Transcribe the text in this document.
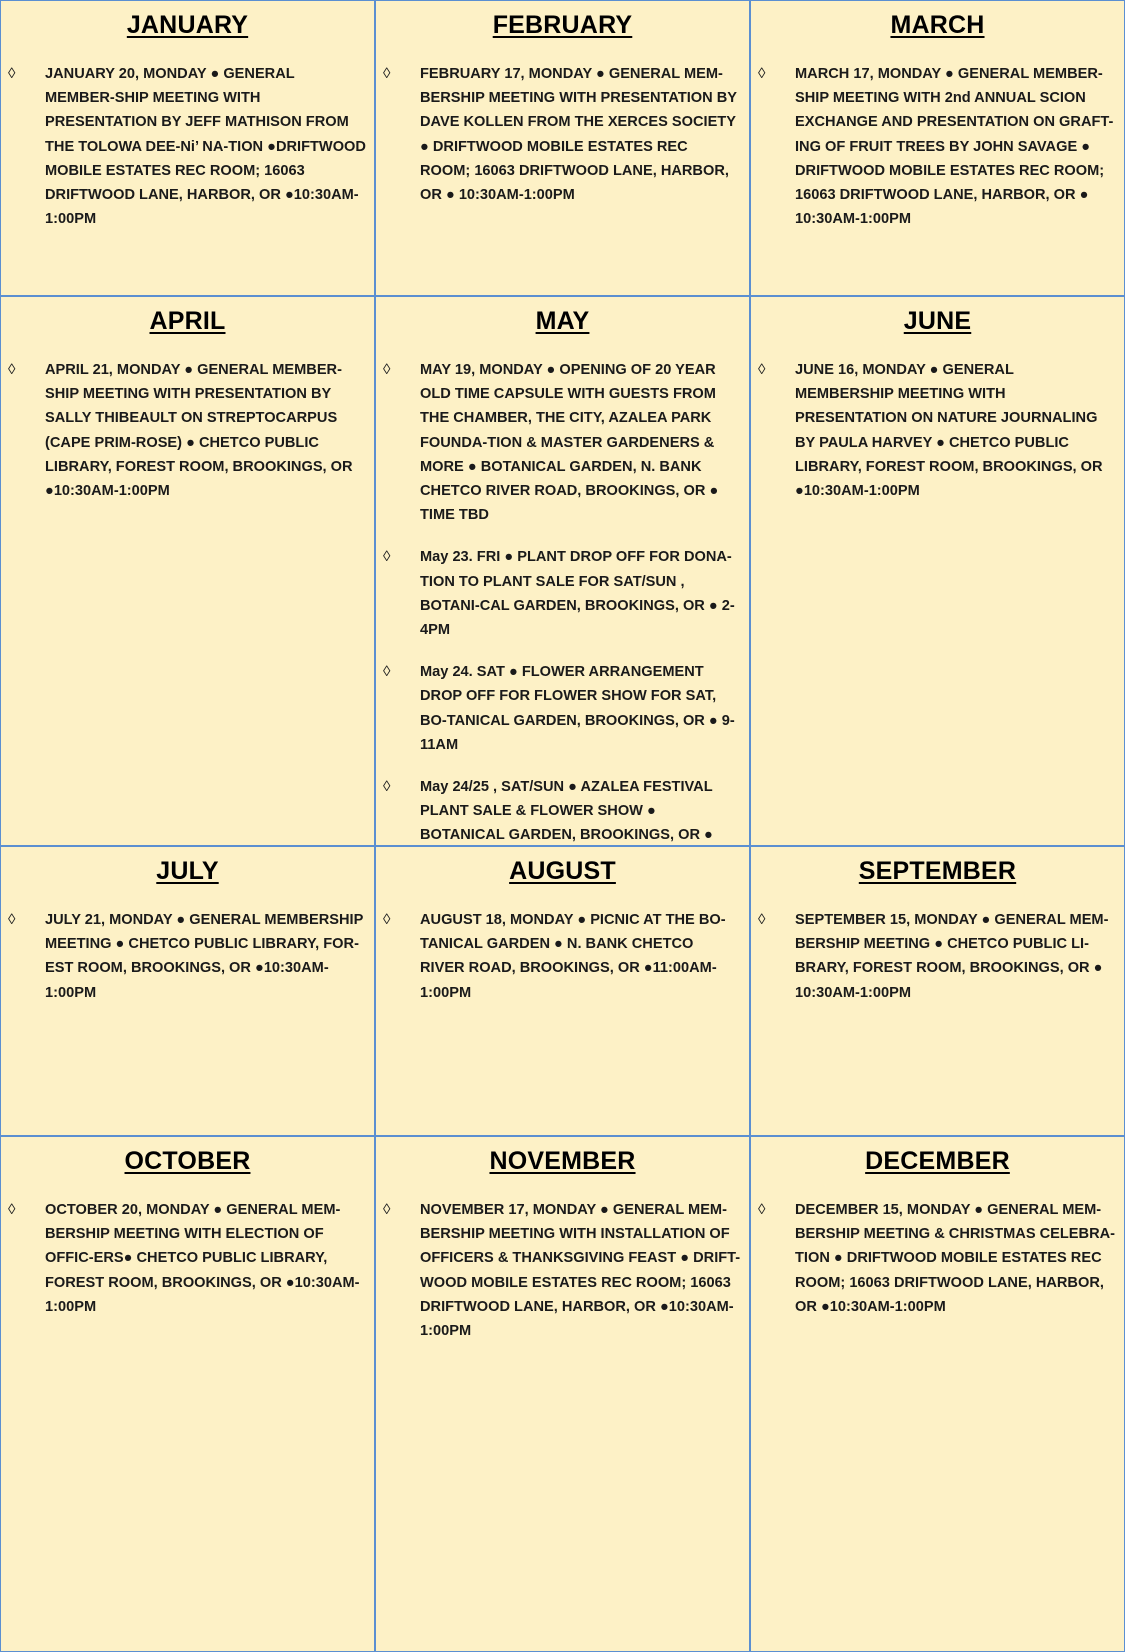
JANUARY
◊ JANUARY 20, MONDAY ● GENERAL MEMBER-SHIP MEETING WITH PRESENTATION BY JEFF MATHISON FROM THE TOLOWA DEE-Ni’ NA-TION ●DRIFTWOOD MOBILE ESTATES REC ROOM; 16063 DRIFTWOOD LANE, HARBOR, OR ●10:30AM-1:00PM
FEBRUARY
◊ FEBRUARY 17, MONDAY ● GENERAL MEM-BERSHIP MEETING WITH PRESENTATION BY DAVE KOLLEN FROM THE XERCES SOCIETY ● DRIFTWOOD MOBILE ESTATES REC ROOM; 16063 DRIFTWOOD LANE, HARBOR, OR ● 10:30AM-1:00PM
MARCH
◊ MARCH 17, MONDAY ● GENERAL MEMBER-SHIP MEETING WITH 2nd ANNUAL SCION EXCHANGE AND PRESENTATION ON GRAFT-ING OF FRUIT TREES BY JOHN SAVAGE ● DRIFTWOOD MOBILE ESTATES REC ROOM; 16063 DRIFTWOOD LANE, HARBOR, OR ● 10:30AM-1:00PM
APRIL
◊ APRIL 21, MONDAY ● GENERAL MEMBER-SHIP MEETING WITH PRESENTATION BY SALLY THIBEAULT ON STREPTOCARPUS (CAPE PRIM-ROSE) ● CHETCO PUBLIC LIBRARY, FOREST ROOM, BROOKINGS, OR ●10:30AM-1:00PM
MAY
◊ MAY 19, MONDAY ● OPENING OF 20 YEAR OLD TIME CAPSULE WITH GUESTS FROM THE CHAMBER, THE CITY, AZALEA PARK FOUNDA-TION & MASTER GARDENERS & MORE ● BOTANICAL GARDEN, N. BANK CHETCO RIVER ROAD, BROOKINGS, OR ● TIME TBD
◊ May 23. FRI ● PLANT DROP OFF FOR DONA-TION TO PLANT SALE FOR SAT/SUN , BOTANI-CAL GARDEN, BROOKINGS, OR ● 2-4PM
◊ May 24. SAT ● FLOWER ARRANGEMENT DROP OFF FOR FLOWER SHOW FOR SAT, BO-TANICAL GARDEN, BROOKINGS, OR ● 9-11AM
◊ May 24/25 , SAT/SUN ● AZALEA FESTIVAL PLANT SALE & FLOWER SHOW ● BOTANICAL GARDEN, BROOKINGS, OR ●
JUNE
◊ JUNE 16, MONDAY ● GENERAL MEMBERSHIP MEETING WITH PRESENTATION ON NATURE JOURNALING BY PAULA HARVEY ● CHETCO PUBLIC LIBRARY, FOREST ROOM, BROOKINGS, OR ●10:30AM-1:00PM
JULY
◊ JULY 21, MONDAY ● GENERAL MEMBERSHIP MEETING ● CHETCO PUBLIC LIBRARY, FOR-EST ROOM, BROOKINGS, OR ●10:30AM-1:00PM
AUGUST
◊ AUGUST 18, MONDAY ● PICNIC AT THE BO-TANICAL GARDEN ● N. BANK CHETCO RIVER ROAD, BROOKINGS, OR ●11:00AM-1:00PM
SEPTEMBER
◊ SEPTEMBER 15, MONDAY ● GENERAL MEM-BERSHIP MEETING ● CHETCO PUBLIC LI-BRARY, FOREST ROOM, BROOKINGS, OR ● 10:30AM-1:00PM
OCTOBER
◊ OCTOBER 20, MONDAY ● GENERAL MEM-BERSHIP MEETING WITH ELECTION OF OFFIC-ERS● CHETCO PUBLIC LIBRARY, FOREST ROOM, BROOKINGS, OR ●10:30AM-1:00PM
NOVEMBER
◊ NOVEMBER 17, MONDAY ● GENERAL MEM-BERSHIP MEETING WITH INSTALLATION OF OFFICERS & THANKSGIVING FEAST ● DRIFT-WOOD MOBILE ESTATES REC ROOM; 16063 DRIFTWOOD LANE, HARBOR, OR ●10:30AM-1:00PM
DECEMBER
◊ DECEMBER 15, MONDAY ● GENERAL MEM-BERSHIP MEETING & CHRISTMAS CELEBRA-TION ● DRIFTWOOD MOBILE ESTATES REC ROOM; 16063 DRIFTWOOD LANE, HARBOR, OR ●10:30AM-1:00PM
